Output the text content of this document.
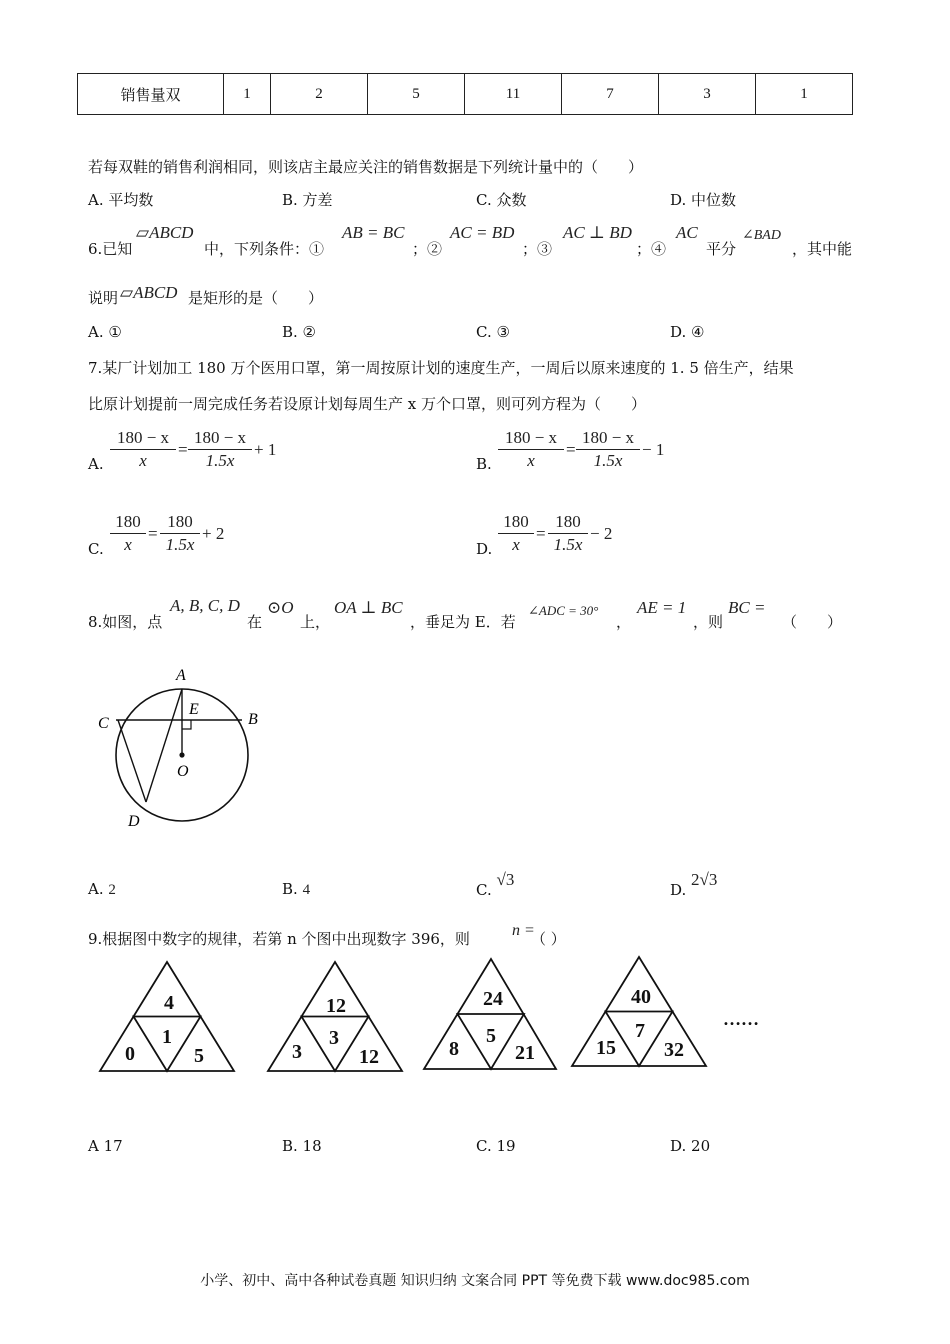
销售量双	1	2	5	11	7	3	1
若每双鞋的销售利润相同，则该店主最应关注的销售数据是下列统计量中的（　　）
A. 平均数	B. 方差	C. 众数	D. 中位数
6.已知
▱ABCD
中，下列条件：①
AB = BC
；②
AC = BD
；③
AC ⊥ BD
；④
AC
平分
∠BAD
，其中能
说明 ▱ABCD 是矩形的是（　　）
A. ①	B. ②	C. ③	D. ④
7.某厂计划加工 180 万个医用口罩，第一周按原计划的速度生产，一周后以原来速度的 1. 5 倍生产，结果
比原计划提前一周完成任务若设原计划每周生产 x 万个口罩，则可列方程为（　　）
A.
180 − x
x
=
180 − x
1.5x
+ 1
B.
180 − x
x
=
180 − x
1.5x
− 1
C.
180
x
=
180
1.5x
+ 2
D.
180
x
=
180
1.5x
− 2
8.如图，点
A, B, C, D
在
⊙O
上，
OA ⊥ BC
，垂足为 E．若
∠ADC = 30°
，
AE = 1
，则
BC =
（　　）
A
B
C
D
E
O
A. 2	B. 4	C. √3
D. 2√3
9.根据图中数字的规律，若第 n 个图中出现数字 396，则	n =
（ ）
4
1
0	5
12
3
3	12
24
5
8	21
40
7
15 32
……
A 17	B. 18	C. 19	D. 20
小学、初中、高中各种试卷真题 知识归纳 文案合同 PPT 等免费下载 www.doc985.com
